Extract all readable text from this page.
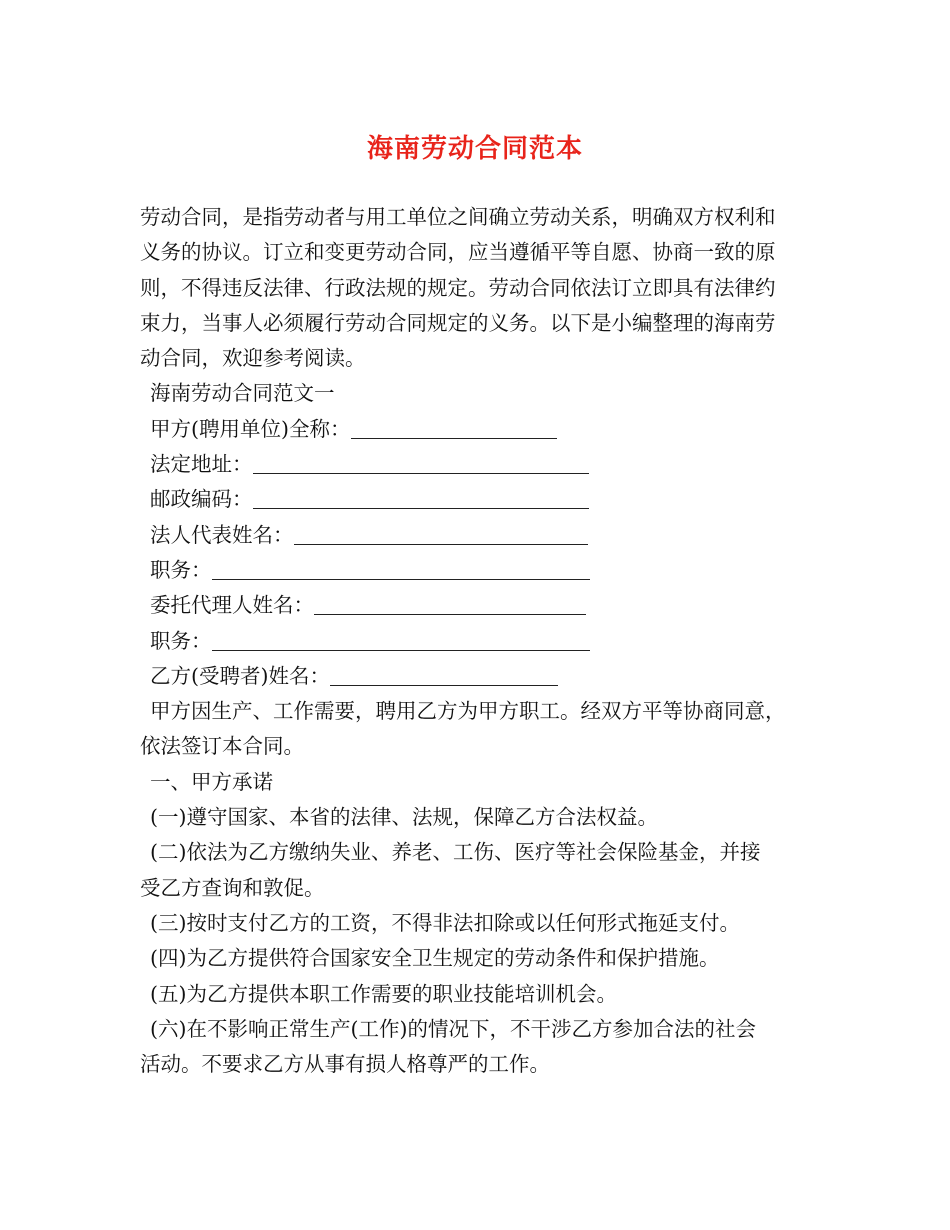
海南劳动合同范本
劳动合同，是指劳动者与用工单位之间确立劳动关系，明确双方权利和
义务的协议。订立和变更劳动合同，应当遵循平等自愿、协商一致的原
则，不得违反法律、行政法规的规定。劳动合同依法订立即具有法律约
束力，当事人必须履行劳动合同规定的义务。以下是小编整理的海南劳
动合同，欢迎参考阅读。
海南劳动合同范文一
甲方(聘用单位)全称：
法定地址：
邮政编码：
法人代表姓名：
职务：
委托代理人姓名：
职务：
乙方(受聘者)姓名：
甲方因生产、工作需要，聘用乙方为甲方职工。经双方平等协商同意，
依法签订本合同。
一、甲方承诺
(一)遵守国家、本省的法律、法规，保障乙方合法权益。
(二)依法为乙方缴纳失业、养老、工伤、医疗等社会保险基金，并接
受乙方查询和敦促。
(三)按时支付乙方的工资，不得非法扣除或以任何形式拖延支付。
(四)为乙方提供符合国家安全卫生规定的劳动条件和保护措施。
(五)为乙方提供本职工作需要的职业技能培训机会。
(六)在不影响正常生产(工作)的情况下，不干涉乙方参加合法的社会
活动。不要求乙方从事有损人格尊严的工作。
